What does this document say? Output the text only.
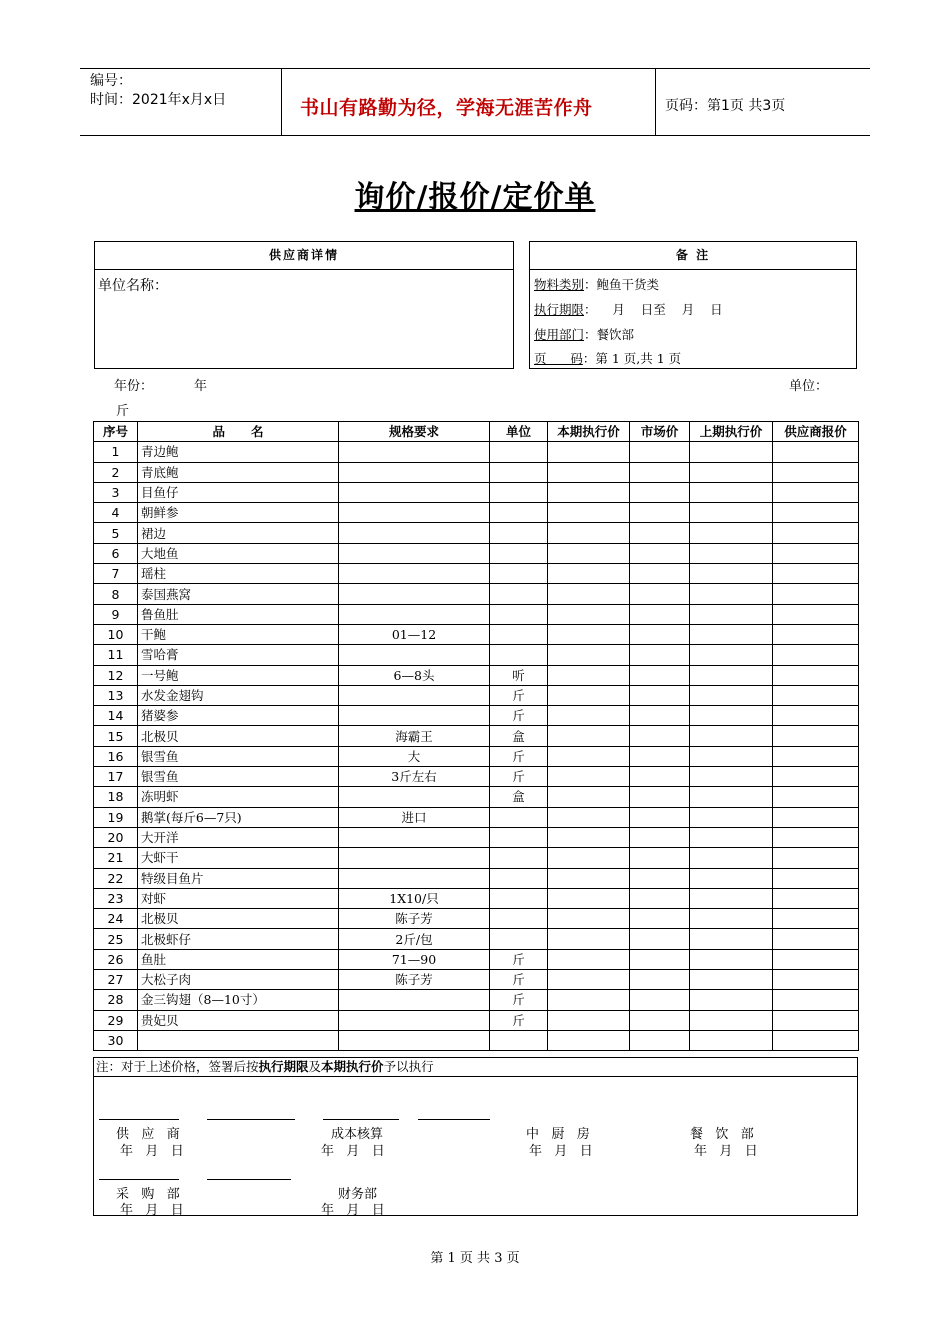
编号：
时间：2021年x月x日	书山有路勤为径，学海无涯苦作舟	页码：第1页 共3页
询价/报价/定价单
供应商详情
单位名称：
备 注
物料类别：鲍鱼干货类
执行期限：    月    日至    月    日
使用部门：餐饮部
页      码：第 1 页,共 1 页
年份：	年	单位：
斤
序号	品      名	规格要求	单位	本期执行价	市场价	上期执行价	供应商报价
1	青边鲍						
2	青底鲍						
3	目鱼仔						
4	朝鲜参						
5	裙边						
6	大地鱼						
7	瑶柱						
8	泰国燕窝						
9	鲁鱼肚						
10	干鲍	01—12					
11	雪哈膏						
12	一号鲍	6—8头	听				
13	水发金翅钩		斤				
14	猪婆参		斤				
15	北极贝	海霸王	盒				
16	银雪鱼	大	斤				
17	银雪鱼	3斤左右	斤				
18	冻明虾		盒				
19	鹅掌(每斤6—7只)	进口					
20	大开洋						
21	大虾干						
22	特级目鱼片						
23	对虾	1X10/只					
24	北极贝	陈子芳					
25	北极虾仔	2斤/包					
26	鱼肚	71—90	斤				
27	大松子肉	陈子芳	斤				
28	金三钩翅（8—10寸）		斤				
29	贵妃贝		斤				
30							
注：对于上述价格，签署后按执行期限及本期执行价予以执行
供   应   商
年   月   日
成本核算
年   月   日
中   厨   房
年   月   日
餐   饮   部
年   月   日
采   购   部
年   月   日
财务部
年   月   日
第 1 页 共 3 页
